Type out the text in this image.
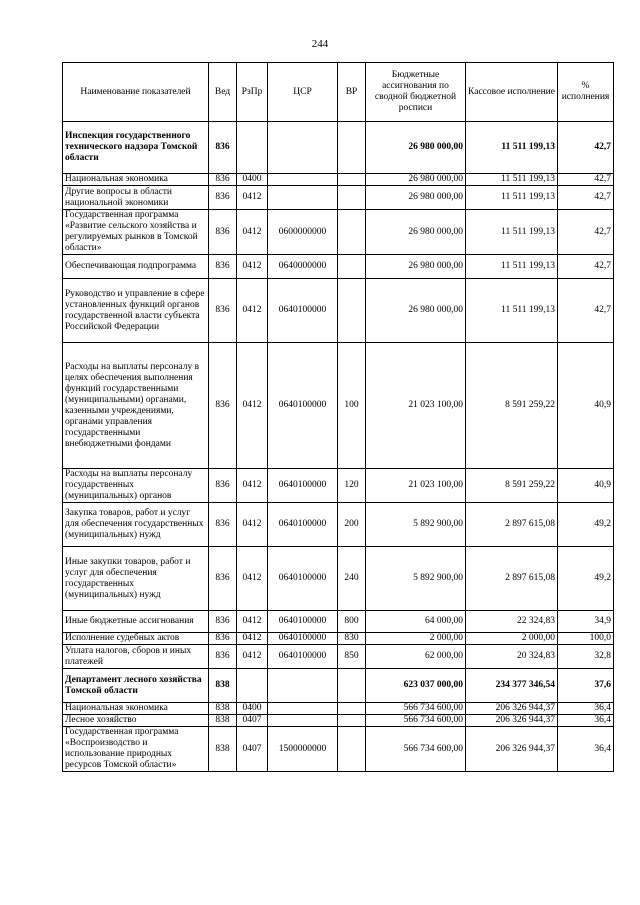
244
Наименование показателей	Вед	РзПр	ЦСР	ВР	Бюджетные ассигнования по сводной бюджетной росписи	Кассовое исполнение	% исполнения
Инспекция государственного технического надзора Томской области	836				26 980 000,00	11 511 199,13	42,7
Национальная экономика	836	0400			26 980 000,00	11 511 199,13	42,7
Другие вопросы в области национальной экономики	836	0412			26 980 000,00	11 511 199,13	42,7
Государственная программа «Развитие сельского хозяйства и регулируемых рынков в Томской области»	836	0412	0600000000		26 980 000,00	11 511 199,13	42,7
Обеспечивающая подпрограмма	836	0412	0640000000		26 980 000,00	11 511 199,13	42,7
Руководство и управление в сфере установленных функций органов государственной власти субъекта Российской Федерации	836	0412	0640100000		26 980 000,00	11 511 199,13	42,7
Расходы на выплаты персоналу в целях обеспечения выполнения функций государственными (муниципальными) органами, казенными учреждениями, органами управления государственными внебюджетными фондами	836	0412	0640100000	100	21 023 100,00	8 591 259,22	40,9
Расходы на выплаты персоналу государственных (муниципальных) органов	836	0412	0640100000	120	21 023 100,00	8 591 259,22	40,9
Закупка товаров, работ и услуг для обеспечения государственных (муниципальных) нужд	836	0412	0640100000	200	5 892 900,00	2 897 615,08	49,2
Иные закупки товаров, работ и услуг для обеспечения государственных (муниципальных) нужд	836	0412	0640100000	240	5 892 900,00	2 897 615,08	49,2
Иные бюджетные ассигнования	836	0412	0640100000	800	64 000,00	22 324,83	34,9
Исполнение судебных актов	836	0412	0640100000	830	2 000,00	2 000,00	100,0
Уплата налогов, сборов и иных платежей	836	0412	0640100000	850	62 000,00	20 324,83	32,8
Департамент лесного хозяйства Томской области	838				623 037 000,00	234 377 346,54	37,6
Национальная экономика	838	0400			566 734 600,00	206 326 944,37	36,4
Лесное хозяйство	838	0407			566 734 600,00	206 326 944,37	36,4
Государственная программа «Воспроизводство и использование природных ресурсов Томской области»	838	0407	1500000000		566 734 600,00	206 326 944,37	36,4
